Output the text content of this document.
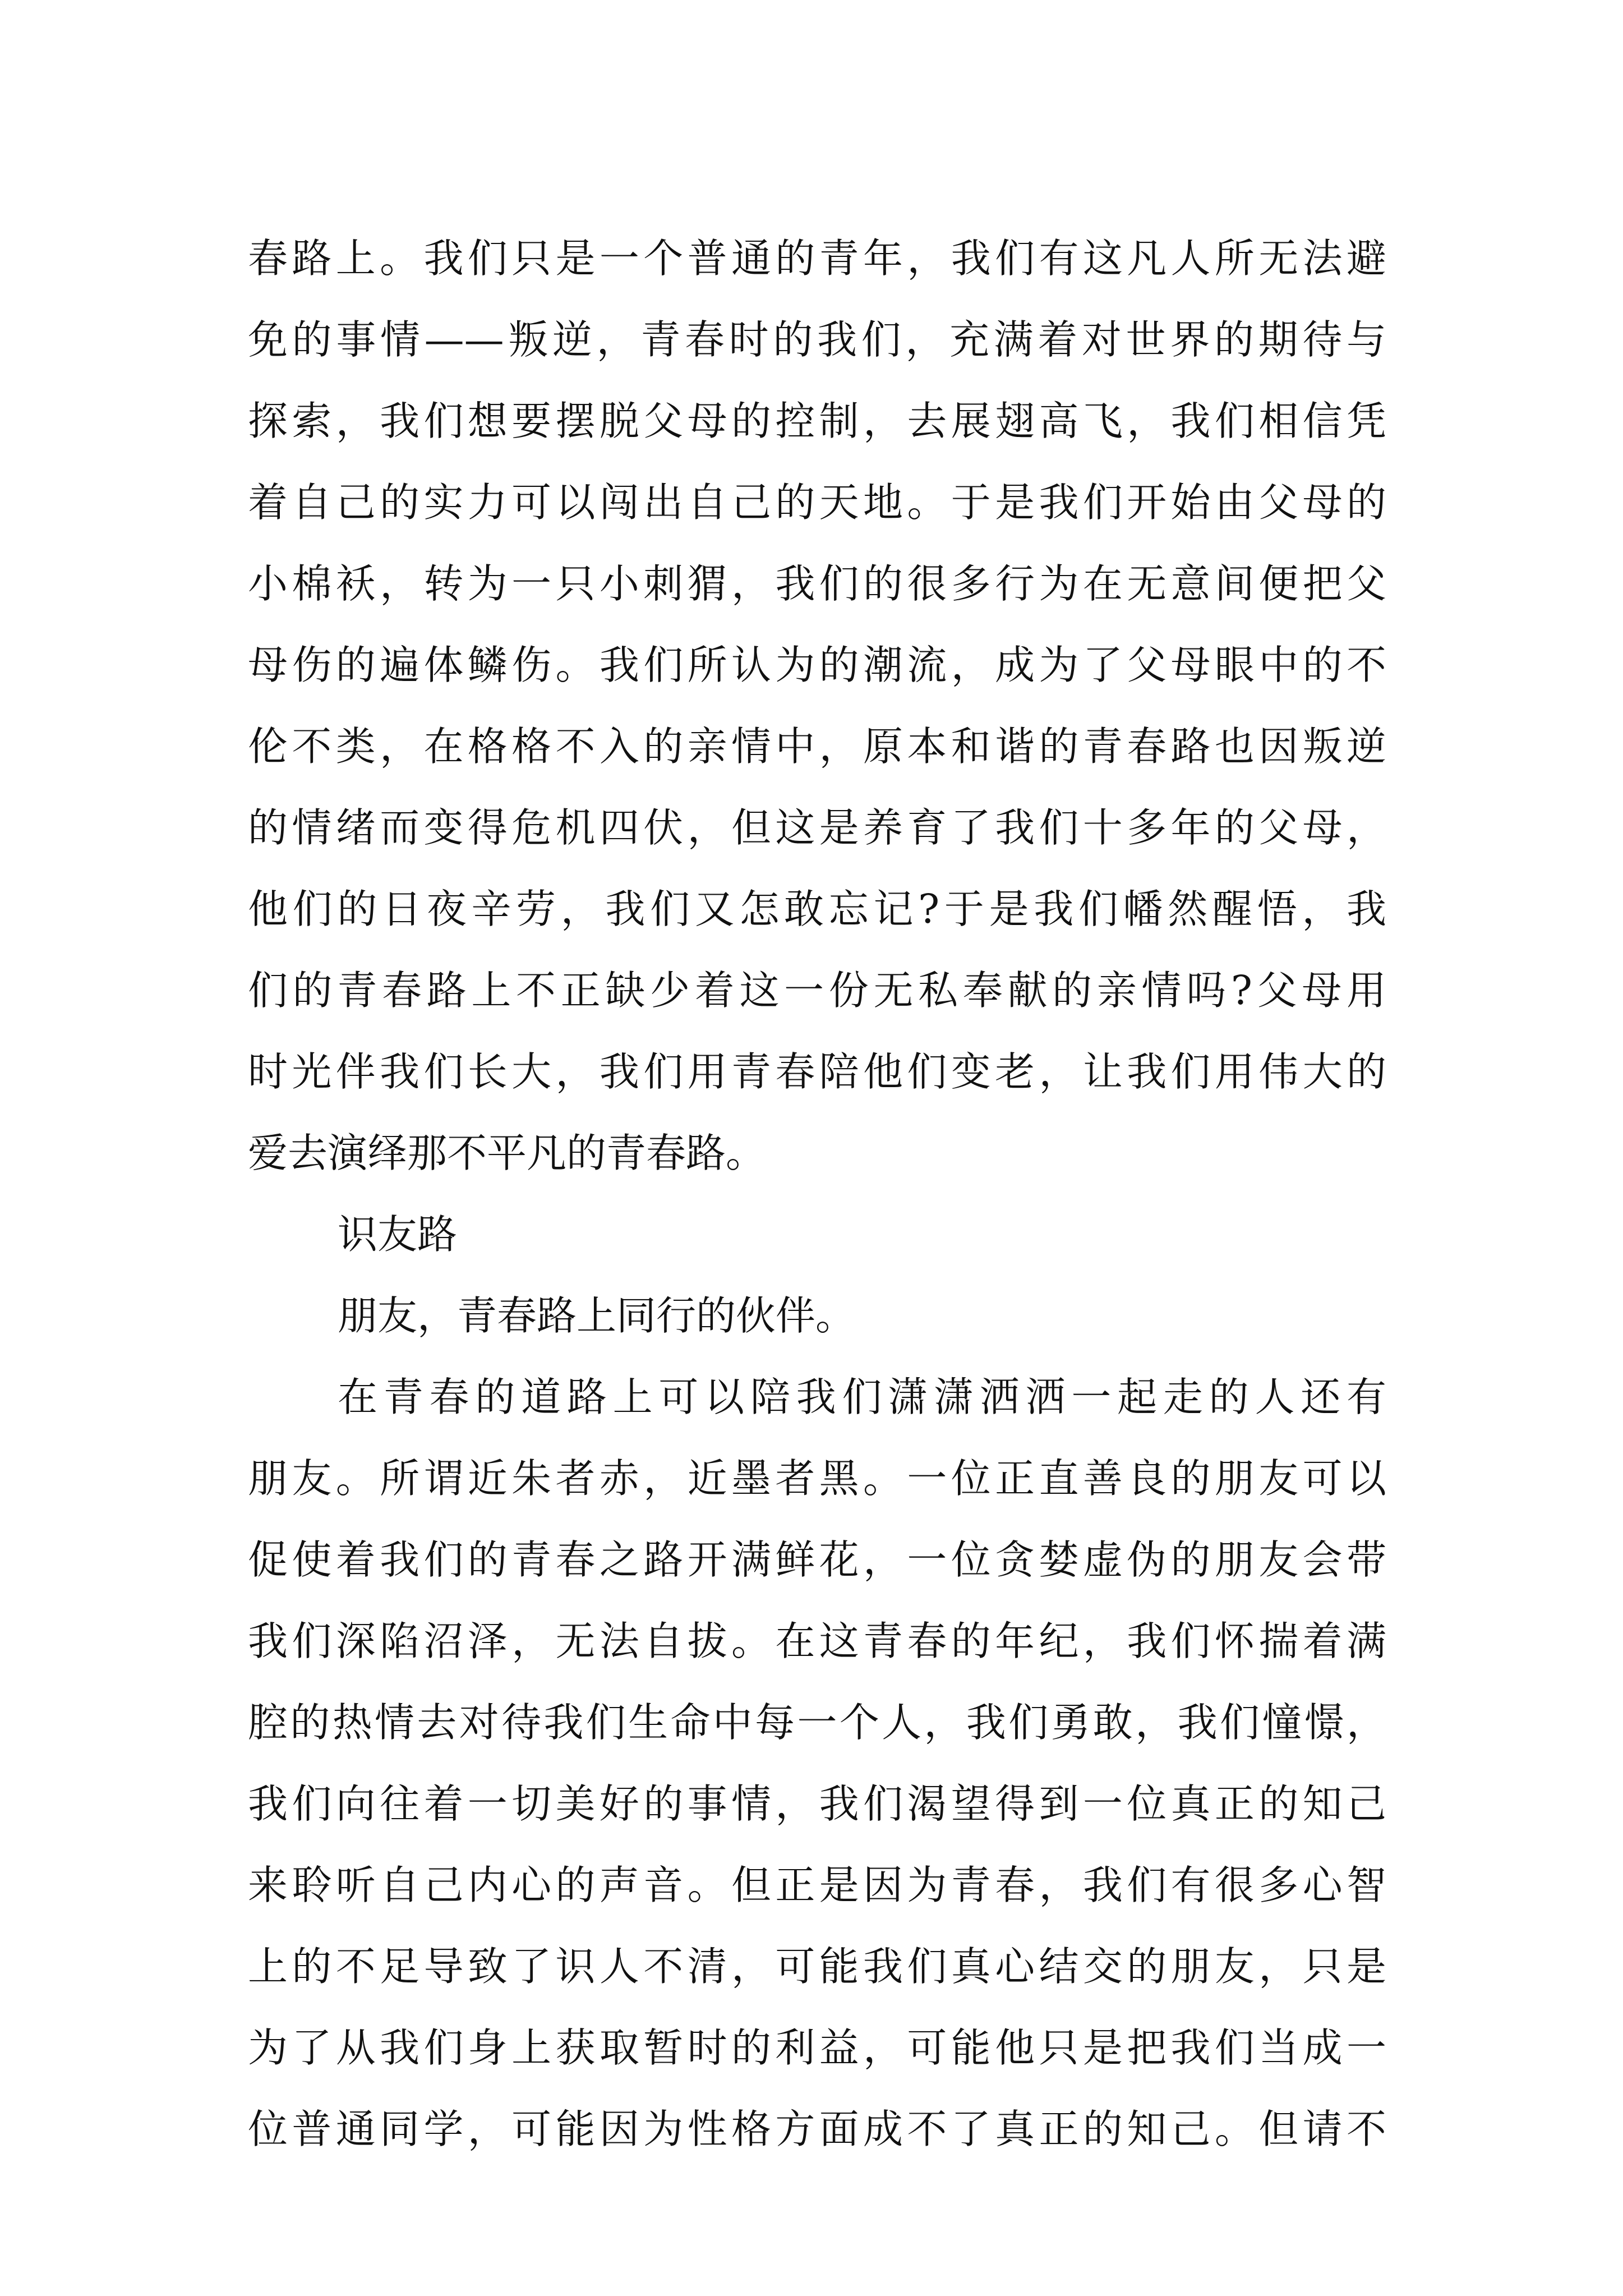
春路上。我们只是一个普通的青年，我们有这凡人所无法避
免的事情——叛逆，青春时的我们，充满着对世界的期待与
探索，我们想要摆脱父母的控制，去展翅高飞，我们相信凭
着自己的实力可以闯出自己的天地。于是我们开始由父母的
小棉袄，转为一只小刺猬，我们的很多行为在无意间便把父
母伤的遍体鳞伤。我们所认为的潮流，成为了父母眼中的不
伦不类，在格格不入的亲情中，原本和谐的青春路也因叛逆
的情绪而变得危机四伏，但这是养育了我们十多年的父母，
他们的日夜辛劳，我们又怎敢忘记?于是我们幡然醒悟，我
们的青春路上不正缺少着这一份无私奉献的亲情吗?父母用
时光伴我们长大，我们用青春陪他们变老，让我们用伟大的
爱去演绎那不平凡的青春路。
识友路
朋友，青春路上同行的伙伴。
在青春的道路上可以陪我们潇潇洒洒一起走的人还有
朋友。所谓近朱者赤，近墨者黑。一位正直善良的朋友可以
促使着我们的青春之路开满鲜花，一位贪婪虚伪的朋友会带
我们深陷沼泽，无法自拔。在这青春的年纪，我们怀揣着满
腔的热情去对待我们生命中每一个人，我们勇敢，我们憧憬，
我们向往着一切美好的事情，我们渴望得到一位真正的知己
来聆听自己内心的声音。但正是因为青春，我们有很多心智
上的不足导致了识人不清，可能我们真心结交的朋友，只是
为了从我们身上获取暂时的利益，可能他只是把我们当成一
位普通同学，可能因为性格方面成不了真正的知己。但请不
